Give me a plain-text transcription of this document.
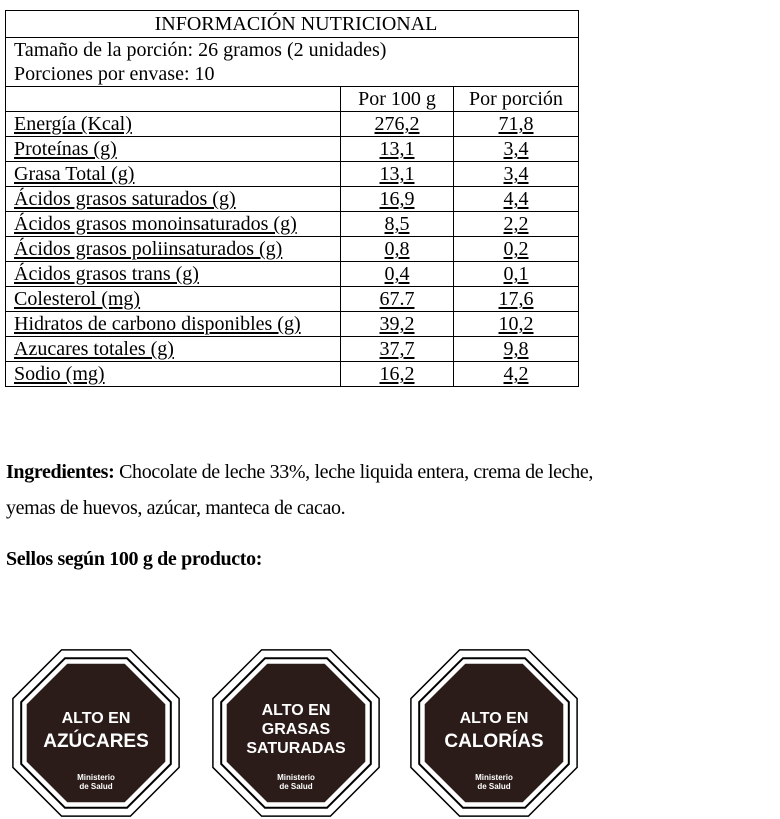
INFORMACIÓN NUTRICIONAL		

Tamaño de la porción: 26 gramos (2 unidades)
Porciones por envase: 10		

	Por 100 g	Por porción
Energía (Kcal)	276,2	71,8
Proteínas (g)	13,1	3,4
Grasa Total (g)	13,1	3,4
Ácidos grasos saturados (g)	16,9	4,4
Ácidos grasos monoinsaturados (g)	8,5	2,2
Ácidos grasos poliinsaturados (g)	0,8	0,2
Ácidos grasos trans (g)	0,4	0,1
Colesterol (mg)	67.7	17,6
Hidratos de carbono disponibles (g)	39,2	10,2
Azucares totales (g)	37,7	9,8
Sodio (mg)	16,2	4,2
Ingredientes: Chocolate de leche 33%, leche liquida entera, crema de leche,
yemas de huevos, azúcar, manteca de cacao.
Sellos según 100 g de producto:
ALTO EN
AZÚCARES
Ministerio
de Salud
ALTO EN
GRASAS
SATURADAS
Ministerio
de Salud
ALTO EN
CALORÍAS
Ministerio
de Salud
